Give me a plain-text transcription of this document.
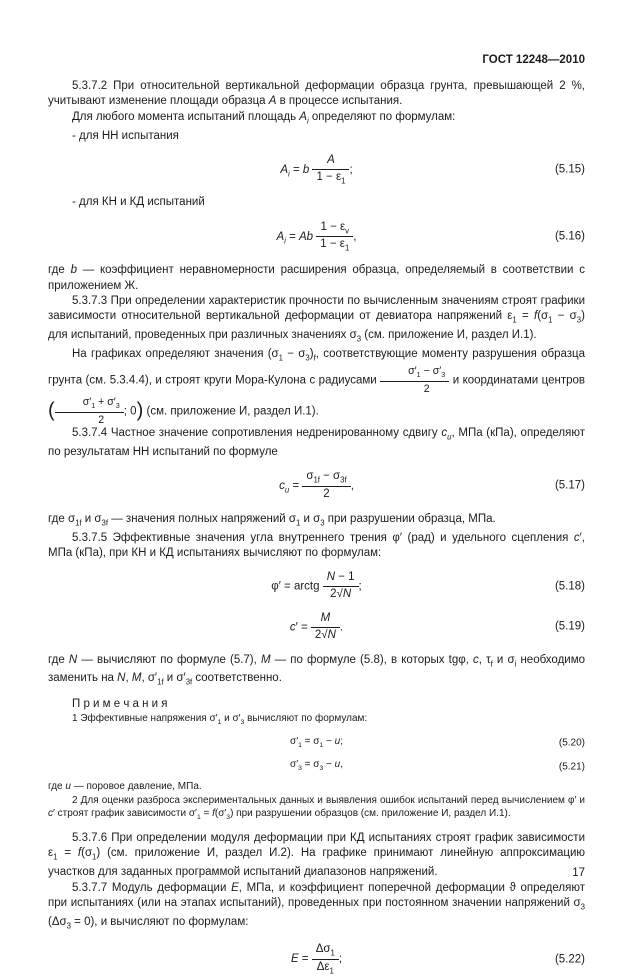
ГОСТ 12248—2010

5.3.7.2 При относительной вертикальной деформации образца грунта, превышающей 2 %, учитывают изменение площади образца A в процессе испытания.

Для любого момента испытаний площадь $A_i$ определяют по формулам:

- для НН испытания

$A_i = b \frac{A}{1 - \varepsilon_1}$ ;	(5.15)

- для КН и КД испытаний

$A_i = Ab \frac{1 - \varepsilon_v}{1 - \varepsilon_1}$ ,	(5.16)

где b — коэффициент неравномерности расширения образца, определяемый в соответствии с приложением Ж.

5.3.7.3 При определении характеристик прочности по вычисленным значениям строят графики зависимости относительной вертикальной деформации от девиатора напряжений $\varepsilon_1 = f(\sigma_1 - \sigma_3)$ для испытаний, проведенных при различных значениях $\sigma_3$ (см. приложение И, раздел И.1).

На графиках определяют значения $(\sigma_1 - \sigma_3)_f$, соответствующие моменту разрушения образца грунта (см. 5.3.4.4), и строят круги Мора-Кулона с радиусами $\frac{\sigma'_1 - \sigma'_3}{2}$ и координатами центров ( $\frac{\sigma'_1 + \sigma'_3}{2}$ ; 0) (см. приложение И, раздел И.1).

5.3.7.4 Частное значение сопротивления недренированному сдвигу $c_u$, МПа (кПа), определяют по результатам НН испытаний по формуле

$c_u = \frac{\sigma_{1f} - \sigma_{3f}}{2}$ ,	(5.17)

где $\sigma_{1f}$ и $\sigma_{3f}$ — значения полных напряжений $\sigma_1$ и $\sigma_3$ при разрушении образца, МПа.

5.3.7.5 Эффективные значения угла внутреннего трения φ′ (рад) и удельного сцепления c′, МПа (кПа), при КН и КД испытаниях вычисляют по формулам:

φ′ = arctg $\frac{N - 1}{2√N}$ ;	(5.18)
$c' = \frac{M}{2√N}$ .	(5.19)

где N — вычисляют по формуле (5.7), M — по формуле (5.8), в которых tgφ, c, $\tau_f$ и $\sigma_i$ необходимо заменить на N, M, $\sigma'_{1f}$ и $\sigma'_{3f}$ соответственно.

П р и м е ч а н и я

1 Эффективные напряжения $\sigma'_1$ и $\sigma'_3$ вычисляют по формулам:

$\sigma'_1 = \sigma_1 - u$;	(5.20)
$\sigma'_3 = \sigma_3 - u$,	(5.21)

где u — поровое давление, МПа.

2 Для оценки разброса экспериментальных данных и выявления ошибок испытаний перед вычислением φ′ и c′ строят график зависимости $\sigma'_1 = f(\sigma'_3)$ при разрушении образцов (см. приложение И, раздел И.1).

5.3.7.6 При определении модуля деформации при КД испытаниях строят график зависимости $\varepsilon_1 = f(\sigma_1)$ (см. приложение И, раздел И.2). На графике принимают линейную аппроксимацию участков для заданных программой испытаний диапазонов напряжений.

5.3.7.7 Модуль деформации E, МПа, и коэффициент поперечной деформации ϑ определяют при испытаниях (или на этапах испытаний), проведенных при постоянном значении напряжений $\sigma_3$ $(\Delta\sigma_3 = 0)$, и вычисляют по формулам:

$E = \frac{\Delta\sigma_1}{\Delta\varepsilon_1}$ ;	(5.22)
17
